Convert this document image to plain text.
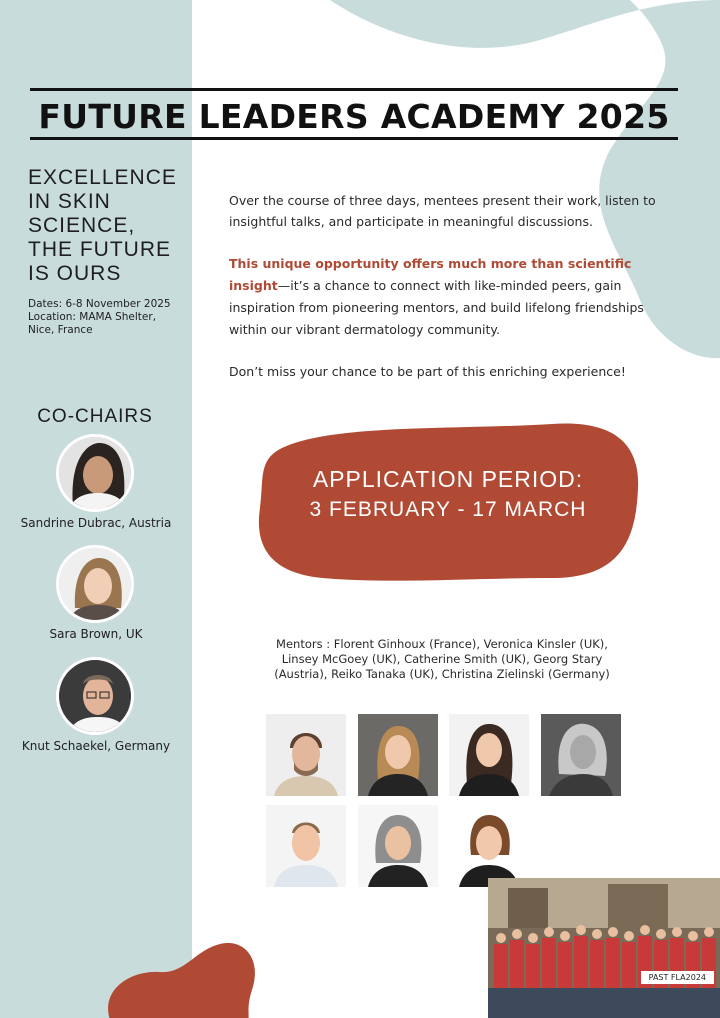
FUTURE LEADERS ACADEMY 2025
EXCELLENCE
IN SKIN
SCIENCE,
THE FUTURE
IS OURS
Dates: 6-8 November 2025
Location: MAMA Shelter,
Nice, France
CO-CHAIRS
Sandrine Dubrac, Austria
Sara Brown, UK
Knut Schaekel, Germany
Over the course of three days, mentees present their work, listen to insightful talks, and participate in meaningful discussions.
This unique opportunity offers much more than scientific insight—it’s a chance to connect with like-minded peers, gain inspiration from pioneering mentors, and build lifelong friendships within our vibrant dermatology community.
Don’t miss your chance to be part of this enriching experience!
APPLICATION PERIOD:
3 FEBRUARY - 17 MARCH
Mentors : Florent Ginhoux (France), Veronica Kinsler (UK), Linsey McGoey (UK), Catherine Smith (UK), Georg Stary (Austria), Reiko Tanaka (UK), Christina Zielinski (Germany)
PAST FLA2024
